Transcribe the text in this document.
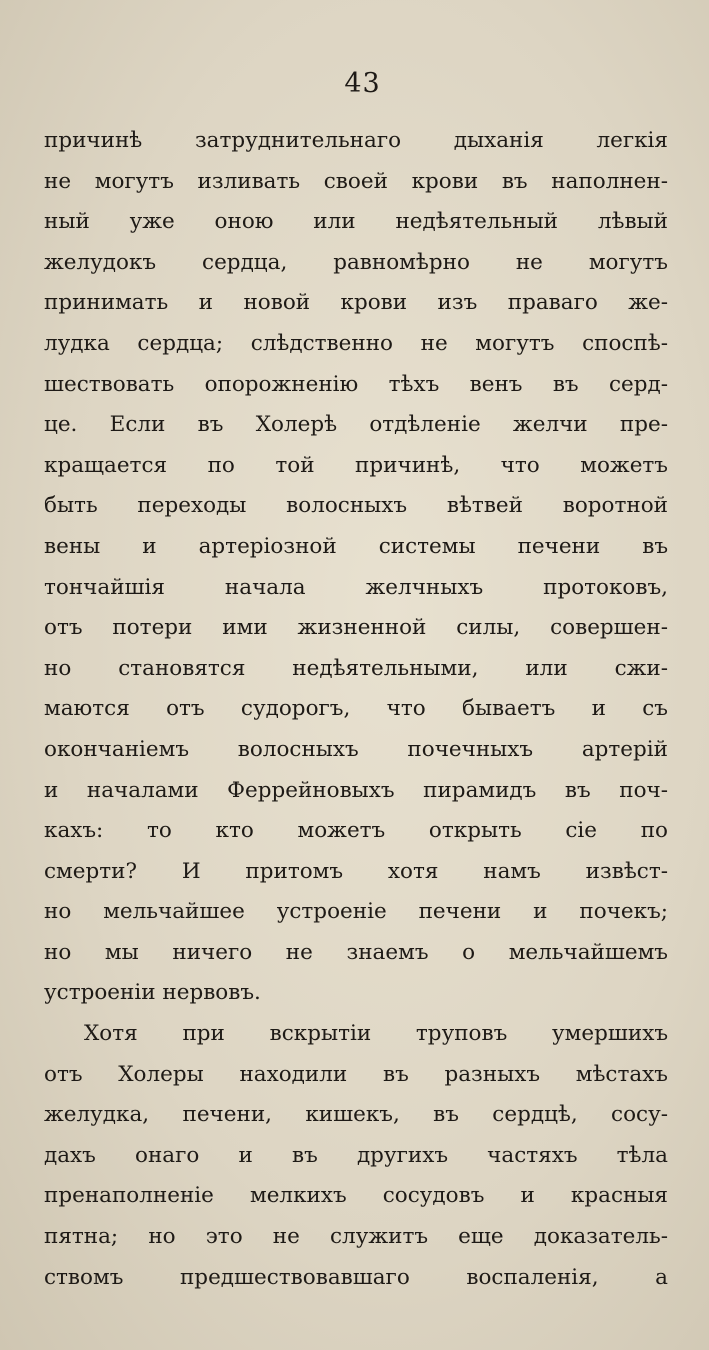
43
причинѣ затруднительнаго дыханія легкія
не могутъ изливать своей крови въ наполнен-
ный уже оною или недѣятельный лѣвый
желудокъ сердца, равномѣрно не могутъ
принимать и новой крови изъ праваго же-
лудка сердца; слѣдственно не могутъ споспѣ-
шествовать опорожненію тѣхъ венъ въ серд-
це. Если въ Холерѣ отдѣленіе желчи пре-
кращается по той причинѣ, что можетъ
быть переходы волосныхъ вѣтвей воротной
вены и артеріозной системы печени въ
тончайшія начала желчныхъ протоковъ,
отъ потери ими жизненной силы, совершен-
но становятся недѣятельными, или сжи-
маются отъ судорогъ, что бываетъ и съ
окончаніемъ волосныхъ почечныхъ артерій
и началами Феррейновыхъ пирамидъ въ поч-
кахъ: то кто можетъ открыть сіе по
смерти? И притомъ хотя намъ извѣст-
но мельчайшее устроеніе печени и почекъ;
но мы ничего не знаемъ о мельчайшемъ
устроеніи нервовъ.
Хотя при вскрытіи труповъ умершихъ
отъ Холеры находили въ разныхъ мѣстахъ
желудка, печени, кишекъ, въ сердцѣ, сосу-
дахъ онаго и въ другихъ частяхъ тѣла
пренаполненіе мелкихъ сосудовъ и красныя
пятна; но это не служитъ еще доказатель-
ствомъ предшествовавшаго воспаленія, а
